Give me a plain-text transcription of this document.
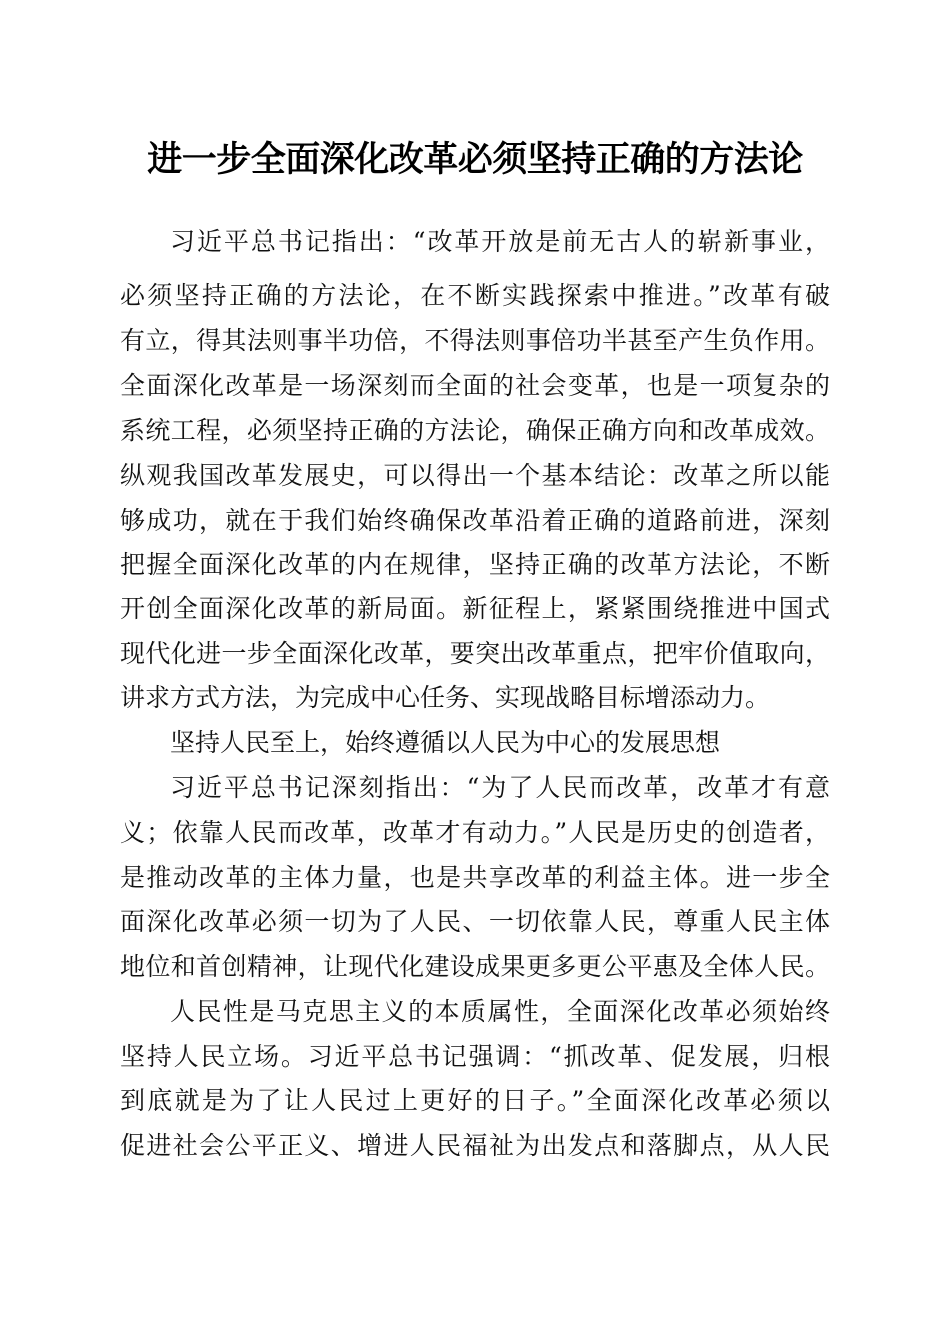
进一步全面深化改革必须坚持正确的方法论
习近平总书记指出：“改革开放是前无古人的崭新事业，
必须坚持正确的方法论，在不断实践探索中推进。”改革有破
有立，得其法则事半功倍，不得法则事倍功半甚至产生负作用。
全面深化改革是一场深刻而全面的社会变革，也是一项复杂的
系统工程，必须坚持正确的方法论，确保正确方向和改革成效。
纵观我国改革发展史，可以得出一个基本结论：改革之所以能
够成功，就在于我们始终确保改革沿着正确的道路前进，深刻
把握全面深化改革的内在规律，坚持正确的改革方法论，不断
开创全面深化改革的新局面。新征程上，紧紧围绕推进中国式
现代化进一步全面深化改革，要突出改革重点，把牢价值取向，
讲求方式方法，为完成中心任务、实现战略目标增添动力。
坚持人民至上，始终遵循以人民为中心的发展思想
习近平总书记深刻指出：“为了人民而改革，改革才有意
义；依靠人民而改革，改革才有动力。”人民是历史的创造者，
是推动改革的主体力量，也是共享改革的利益主体。进一步全
面深化改革必须一切为了人民、一切依靠人民，尊重人民主体
地位和首创精神，让现代化建设成果更多更公平惠及全体人民。
人民性是马克思主义的本质属性，全面深化改革必须始终
坚持人民立场。习近平总书记强调：“抓改革、促发展，归根
到底就是为了让人民过上更好的日子。”全面深化改革必须以
促进社会公平正义、增进人民福祉为出发点和落脚点，从人民
